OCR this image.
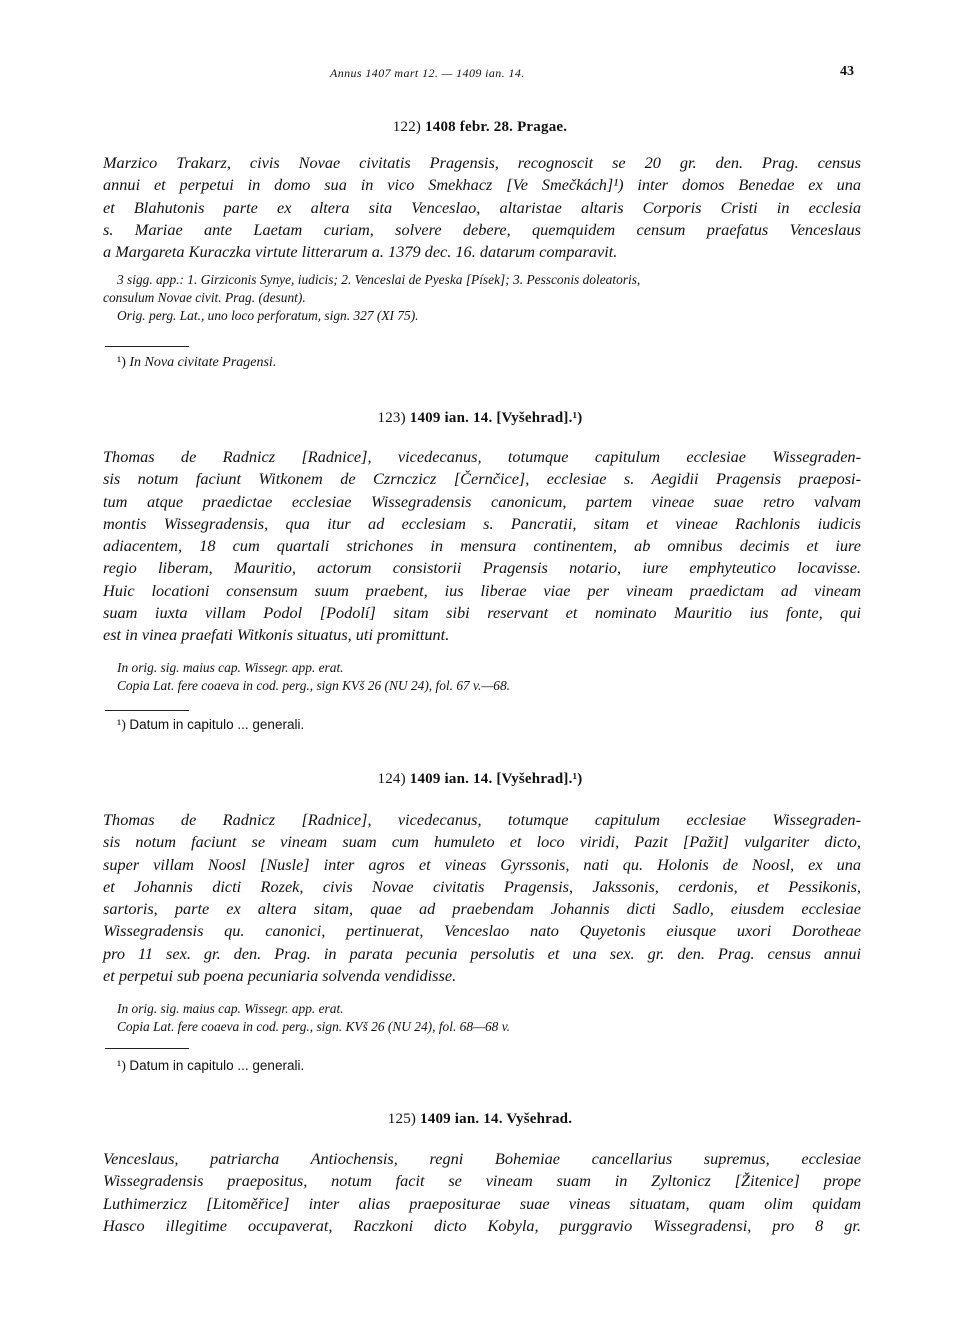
Annus 1407 mart 12. — 1409 ian. 14.	43
122) 1408 febr. 28. Pragae.
Marzico Trakarz, civis Novae civitatis Pragensis, recognoscit se 20 gr. den. Prag. census
annui et perpetui in domo sua in vico Smekhacz [Ve Smečkách]¹) inter domos Benedae ex una
et Blahutonis parte ex altera sita Venceslao, altaristae altaris Corporis Cristi in ecclesia
s. Mariae ante Laetam curiam, solvere debere, quemquidem censum praefatus Venceslaus
a Margareta Kuraczka virtute litterarum a. 1379 dec. 16. datarum comparavit.
3 sigg. app.: 1. Girziconis Synye, iudicis; 2. Venceslai de Pyeska [Písek]; 3. Pessconis doleatoris,
consulum Novae civit. Prag. (desunt).
Orig. perg. Lat., uno loco perforatum, sign. 327 (XI 75).
¹) In Nova civitate Pragensi.
123) 1409 ian. 14. [Vyšehrad].¹)
Thomas de Radnicz [Radnice], vicedecanus, totumque capitulum ecclesiae Wissegraden-
sis notum faciunt Witkonem de Czrnczicz [Černčice], ecclesiae s. Aegidii Pragensis praeposi-
tum atque praedictae ecclesiae Wissegradensis canonicum, partem vineae suae retro valvam
montis Wissegradensis, qua itur ad ecclesiam s. Pancratii, sitam et vineae Rachlonis iudicis
adiacentem, 18 cum quartali strichones in mensura continentem, ab omnibus decimis et iure
regio liberam, Mauritio, actorum consistorii Pragensis notario, iure emphyteutico locavisse.
Huic locationi consensum suum praebent, ius liberae viae per vineam praedictam ad vineam
suam iuxta villam Podol [Podolí] sitam sibi reservant et nominato Mauritio ius fonte, qui
est in vinea praefati Witkonis situatus, uti promittunt.
In orig. sig. maius cap. Wissegr. app. erat.
Copia Lat. fere coaeva in cod. perg., sign KVš 26 (NU 24), fol. 67 v.—68.
¹) Datum in capitulo ... generali.
124) 1409 ian. 14. [Vyšehrad].¹)
Thomas de Radnicz [Radnice], vicedecanus, totumque capitulum ecclesiae Wissegraden-
sis notum faciunt se vineam suam cum humuleto et loco viridi, Pazit [Pažit] vulgariter dicto,
super villam Noosl [Nusle] inter agros et vineas Gyrssonis, nati qu. Holonis de Noosl, ex una
et Johannis dicti Rozek, civis Novae civitatis Pragensis, Jakssonis, cerdonis, et Pessikonis,
sartoris, parte ex altera sitam, quae ad praebendam Johannis dicti Sadlo, eiusdem ecclesiae
Wissegradensis qu. canonici, pertinuerat, Venceslao nato Quyetonis eiusque uxori Dorotheae
pro 11 sex. gr. den. Prag. in parata pecunia persolutis et una sex. gr. den. Prag. census annui
et perpetui sub poena pecuniaria solvenda vendidisse.
In orig. sig. maius cap. Wissegr. app. erat.
Copia Lat. fere coaeva in cod. perg., sign. KVš 26 (NU 24), fol. 68—68 v.
¹) Datum in capitulo ... generali.
125) 1409 ian. 14. Vyšehrad.
Venceslaus, patriarcha Antiochensis, regni Bohemiae cancellarius supremus, ecclesiae
Wissegradensis praepositus, notum facit se vineam suam in Zyltonicz [Žitenice] prope
Luthimerzicz [Litoměřice] inter alias praepositurae suae vineas situatam, quam olim quidam
Hasco illegitime occupaverat, Raczkoni dicto Kobyla, purggravio Wissegradensi, pro 8 gr.
